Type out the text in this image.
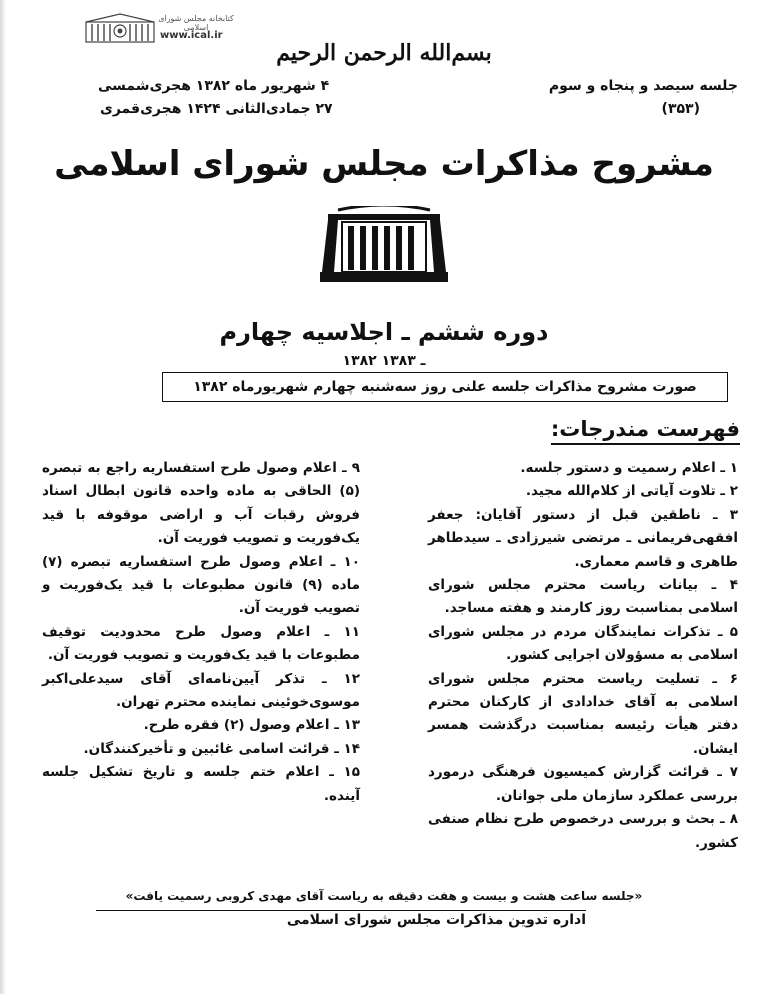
کتابخانه مجلس شورای اسلامی
www.ical.ir
بسم‌الله الرحمن الرحیم
۴ شهریور ماه ۱۳۸۲ هجری‌شمسی
۲۷ جمادی‌الثانی ۱۴۲۴ هجری‌قمری
جلسه سیصد و پنجاه و سوم
(۳۵۳)
مشروح مذاکرات مجلس شورای اسلامی
دوره ششم ـ اجلاسیه چهارم
۱۳۸۲ ـ ۱۳۸۳
صورت مشروح مذاکرات جلسه علنی روز سه‌شنبه چهارم شهریورماه ۱۳۸۲
فهرست مندرجات:

۱ ـ اعلام رسمیت و دستور جلسه.

۲ ـ تلاوت آیاتی از کلام‌الله مجید.

۳ ـ ناطقین قبل از دستور آقایان: جعفر افقهی‌فریمانی ـ مرتضی شیرزادی ـ سیدطاهر طاهری و قاسم معماری.

۴ ـ بیانات ریاست محترم مجلس شورای اسلامی بمناسبت روز کارمند و هفته مساجد.

۵ ـ تذکرات نمایندگان مردم در مجلس شورای اسلامی به مسؤولان اجرایی کشور.

۶ ـ تسلیت ریاست محترم مجلس شورای اسلامی به آقای خدادادی از کارکنان محترم دفتر هیأت رئیسه بمناسبت درگذشت همسر ایشان.

۷ ـ قرائت گزارش کمیسیون فرهنگی درمورد بررسی عملکرد سازمان ملی جوانان.

۸ ـ بحث و بررسی درخصوص طرح نظام صنفی کشور.

۹ ـ اعلام وصول طرح استفساریه راجع به تبصره (۵) الحاقی به ماده واحده قانون ابطال اسناد فروش رقبات آب و اراضی موقوفه با قید یک‌فوریت و تصویب فوریت آن.

۱۰ ـ اعلام وصول طرح استفساریه تبصره (۷) ماده (۹) قانون مطبوعات با قید یک‌فوریت و تصویب فوریت آن.

۱۱ ـ اعلام وصول طرح محدودیت توقیف مطبوعات با قید یک‌فوریت و تصویب فوریت آن.

۱۲ ـ تذکر آیین‌نامه‌ای آقای سیدعلی‌اکبر موسوی‌خوئینی نماینده محترم تهران.

۱۳ ـ اعلام وصول (۲) فقره طرح.

۱۴ ـ قرائت اسامی غائبین و تأخیرکنندگان.

۱۵ ـ اعلام ختم جلسه و تاریخ تشکیل جلسه آینده.

«جلسه ساعت هشت و بیست و هفت دقیقه به ریاست آقای مهدی کروبی رسمیت یافت»
اداره تدوین مذاکرات مجلس شورای اسلامی
